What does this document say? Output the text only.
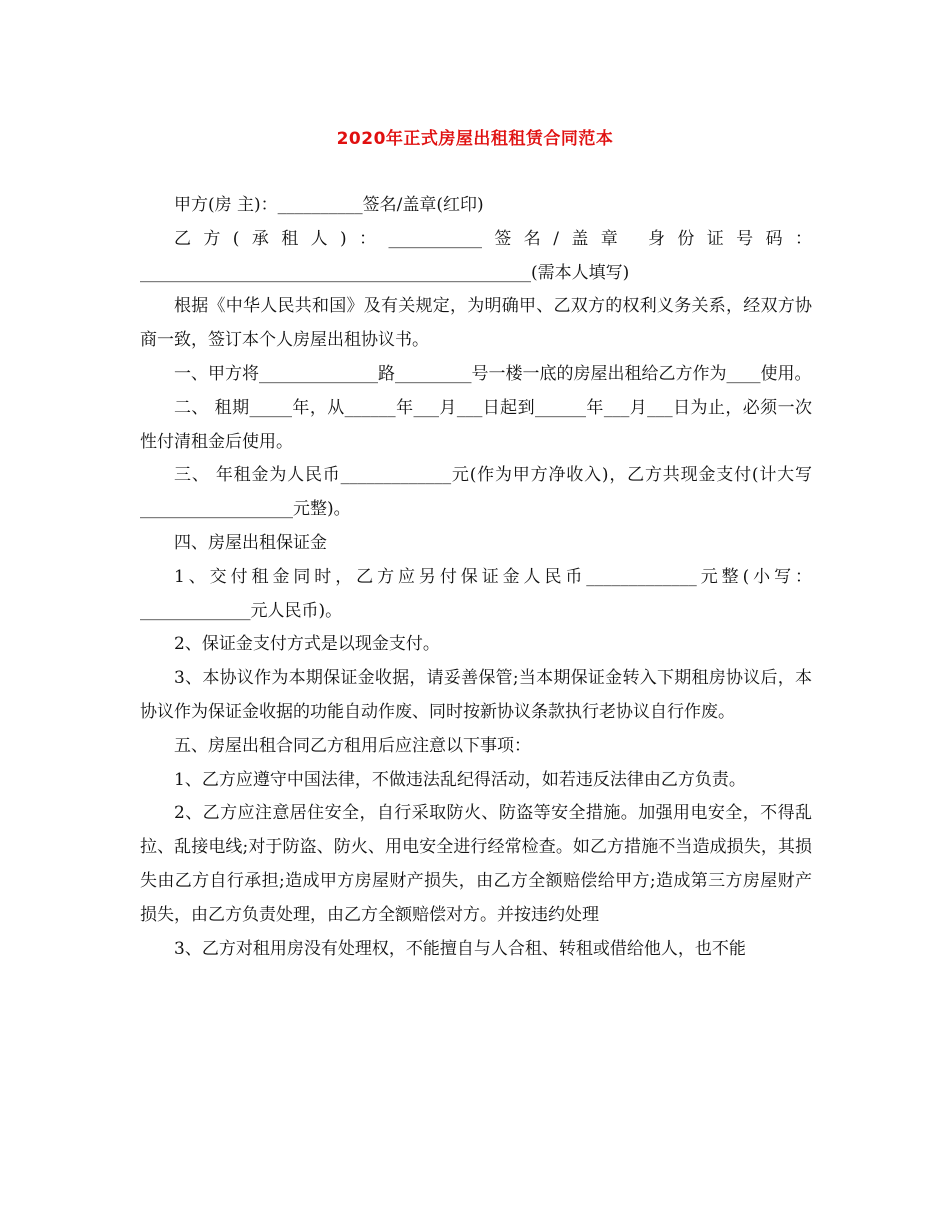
2020年正式房屋出租租赁合同范本

甲方(房 主)：__________签名/盖章(红印)

乙方(承租人)：___________签名/盖章 身份证号码：______________________________________________(需本人填写)

根据《中华人民共和国》及有关规定，为明确甲、乙双方的权利义务关系，经双方协商一致，签订本个人房屋出租协议书。

一、甲方将______________路_________号一楼一底的房屋出租给乙方作为____使用。

二、 租期_____年，从______年___月___日起到______年___月___日为止，必须一次性付清租金后使用。

三、 年租金为人民币_____________元(作为甲方净收入)，乙方共现金支付(计大写__________________元整)。

四、房屋出租保证金

1、交付租金同时，乙方应另付保证金人民币_____________元整(小写：_____________元人民币)。

2、保证金支付方式是以现金支付。

3、本协议作为本期保证金收据，请妥善保管;当本期保证金转入下期租房协议后，本协议作为保证金收据的功能自动作废、同时按新协议条款执行老协议自行作废。

五、房屋出租合同乙方租用后应注意以下事项：

1、乙方应遵守中国法律，不做违法乱纪得活动，如若违反法律由乙方负责。

2、乙方应注意居住安全，自行采取防火、防盗等安全措施。加强用电安全，不得乱拉、乱接电线;对于防盗、防火、用电安全进行经常检查。如乙方措施不当造成损失，其损失由乙方自行承担;造成甲方房屋财产损失，由乙方全额赔偿给甲方;造成第三方房屋财产损失，由乙方负责处理，由乙方全额赔偿对方。并按违约处理

3、乙方对租用房没有处理权，不能擅自与人合租、转租或借给他人，也不能
